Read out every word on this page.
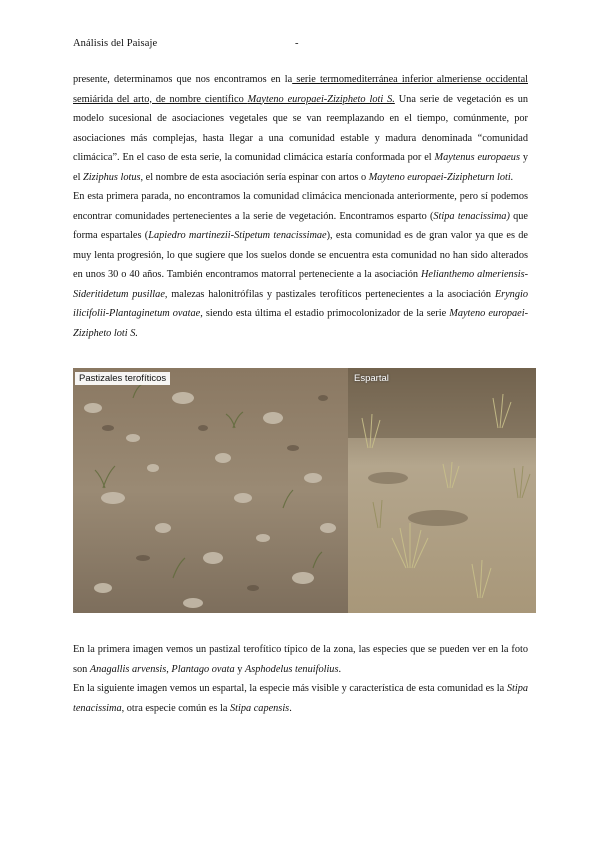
Análisis del Paisaje	-

presente, determinamos que nos encontramos en la serie termomediterránea inferior almeriense occidental semiárida del arto, de nombre científico Mayteno europaei-Ziziphetо loti S. Una serie de vegetación es un modelo sucesional de asociaciones vegetales que se van reemplazando en el tiempo, comúnmente, por asociaciones más complejas, hasta llegar a una comunidad estable y madura denominada “comunidad climácica”. En el caso de esta serie, la comunidad climácica estaría conformada por el Maytenus europaeus y el Ziziphus lotus, el nombre de esta asociación sería espinar con artos o Mayteno europaei-Zizipheturn loti.

En esta primera parada, no encontramos la comunidad climácica mencionada anteriormente, pero sí podemos encontrar comunidades pertenecientes a la serie de vegetación. Encontramos esparto (Stipa tenacissima) que forma espartales (Lapiedro martinezii-Stipetum tenacissimae), esta comunidad es de gran valor ya que es de muy lenta progresión, lo que sugiere que los suelos donde se encuentra esta comunidad no han sido alterados en unos 30 o 40 años. También encontramos matorral perteneciente a la asociación Helianthemo almeriensis-Sideritidetum pusillae, malezas halonitrófilas y pastizales terofíticos pertenecientes a la asociación Eryngio ilicifolii-Plantaginetum ovatae, siendo esta última el estadio primocolonizador de la serie Mayteno europaei-Zizipheto loti S.

Pastizales terofíticos	Espartal

En la primera imagen vemos un pastizal terofítico típico de la zona, las especies que se pueden ver en la foto son Anagallis arvensis, Plantago ovata y Asphodelus tenuifolius.

En la siguiente imagen vemos un espartal, la especie más visible y característica de esta comunidad es la Stipa tenacissima, otra especie común es la Stipa capensis.
